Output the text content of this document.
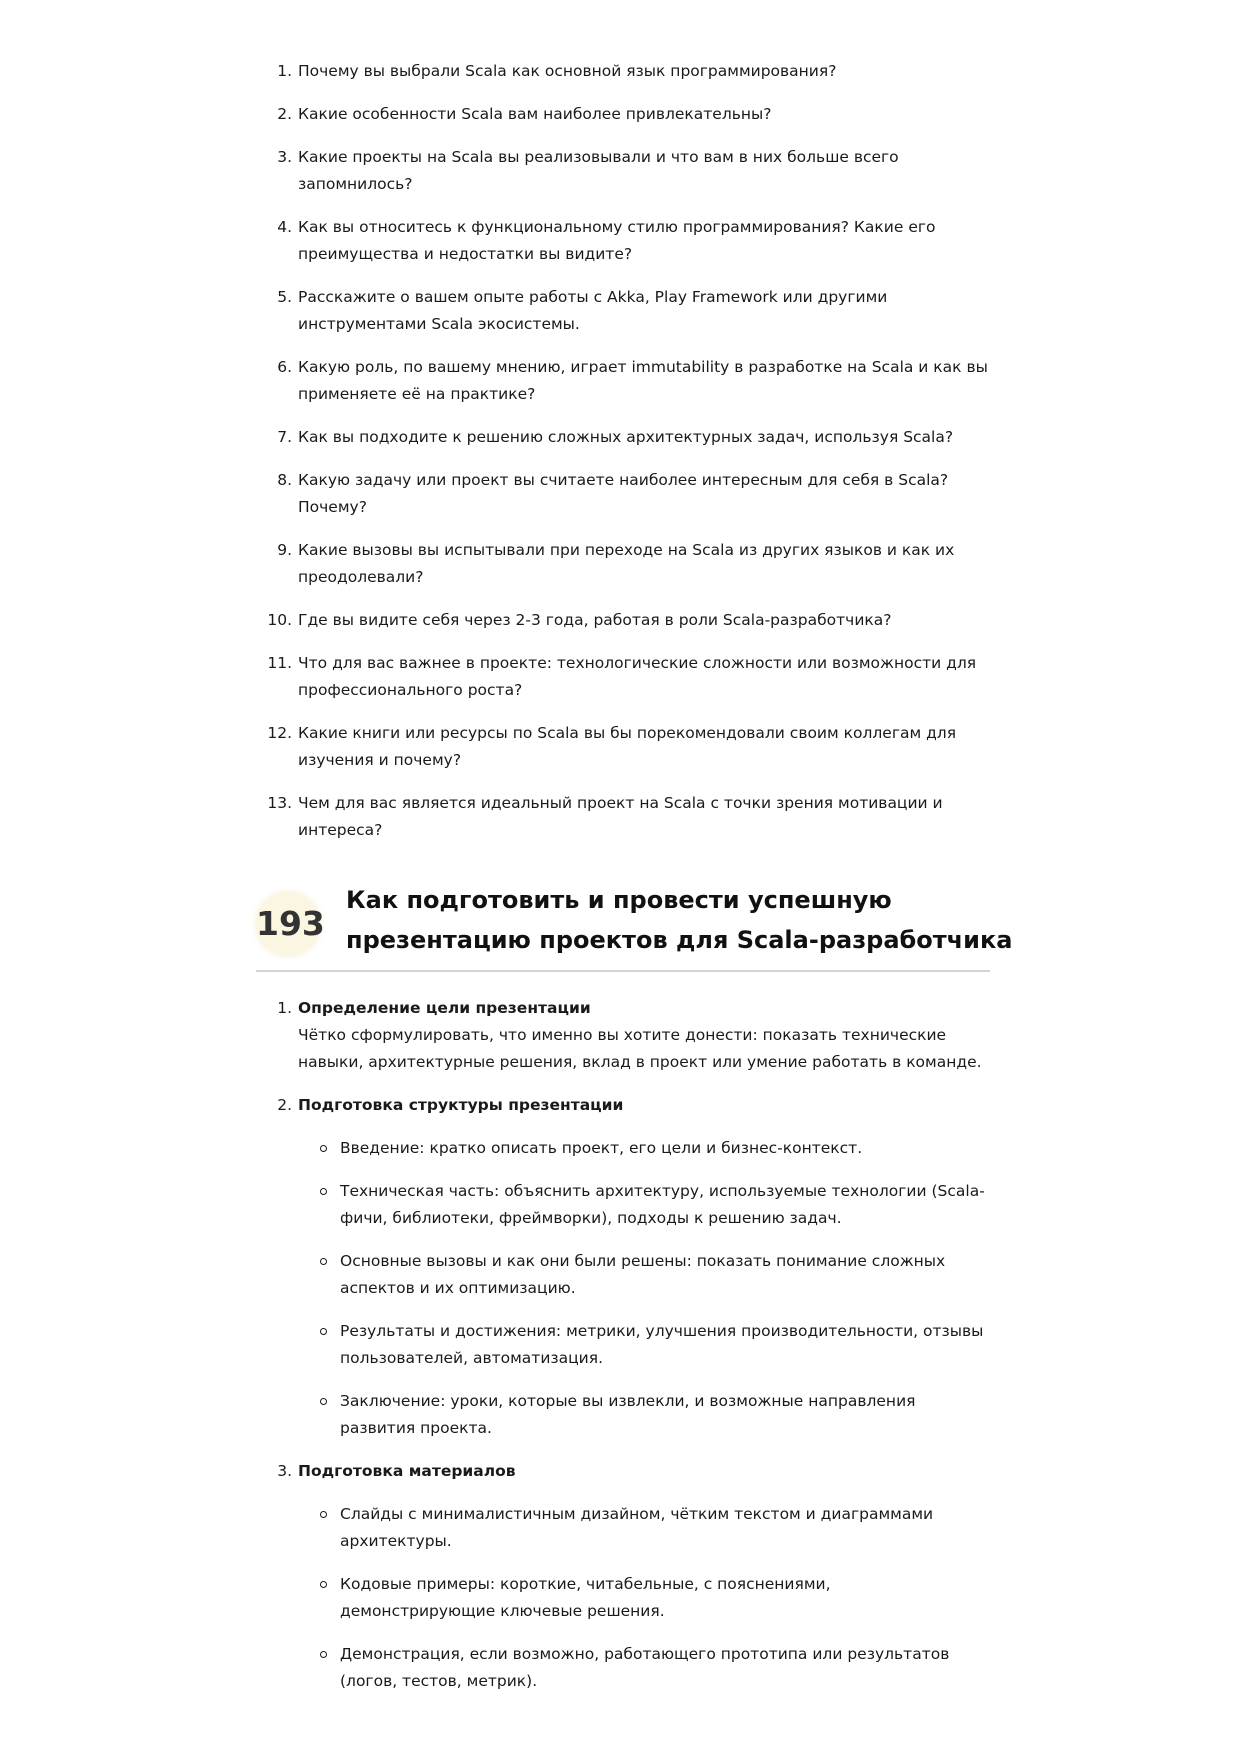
1. Почему вы выбрали Scala как основной язык программирования?
2. Какие особенности Scala вам наиболее привлекательны?
3. Какие проекты на Scala вы реализовывали и что вам в них больше всего запомнилось?
4. Как вы относитесь к функциональному стилю программирования? Какие его преимущества и недостатки вы видите?
5. Расскажите о вашем опыте работы с Akka, Play Framework или другими инструментами Scala экосистемы.
6. Какую роль, по вашему мнению, играет immutability в разработке на Scala и как вы применяете её на практике?
7. Как вы подходите к решению сложных архитектурных задач, используя Scala?
8. Какую задачу или проект вы считаете наиболее интересным для себя в Scala? Почему?
9. Какие вызовы вы испытывали при переходе на Scala из других языков и как их преодолевали?
10. Где вы видите себя через 2-3 года, работая в роли Scala-разработчика?
11. Что для вас важнее в проекте: технологические сложности или возможности для профессионального роста?
12. Какие книги или ресурсы по Scala вы бы порекомендовали своим коллегам для изучения и почему?
13. Чем для вас является идеальный проект на Scala с точки зрения мотивации и интереса?
193
Как подготовить и провести успешную
презентацию проектов для Scala-разработчика
1. Определение цели презентации
Чётко сформулировать, что именно вы хотите донести: показать технические навыки, архитектурные решения, вклад в проект или умение работать в команде.
2. Подготовка структуры презентации
Введение: кратко описать проект, его цели и бизнес-контекст.
Техническая часть: объяснить архитектуру, используемые технологии (Scala-фичи, библиотеки, фреймворки), подходы к решению задач.
Основные вызовы и как они были решены: показать понимание сложных аспектов и их оптимизацию.
Результаты и достижения: метрики, улучшения производительности, отзывы пользователей, автоматизация.
Заключение: уроки, которые вы извлекли, и возможные направления развития проекта.
3. Подготовка материалов
Слайды с минималистичным дизайном, чётким текстом и диаграммами архитектуры.
Кодовые примеры: короткие, читабельные, с пояснениями, демонстрирующие ключевые решения.
Демонстрация, если возможно, работающего прототипа или результатов (логов, тестов, метрик).
